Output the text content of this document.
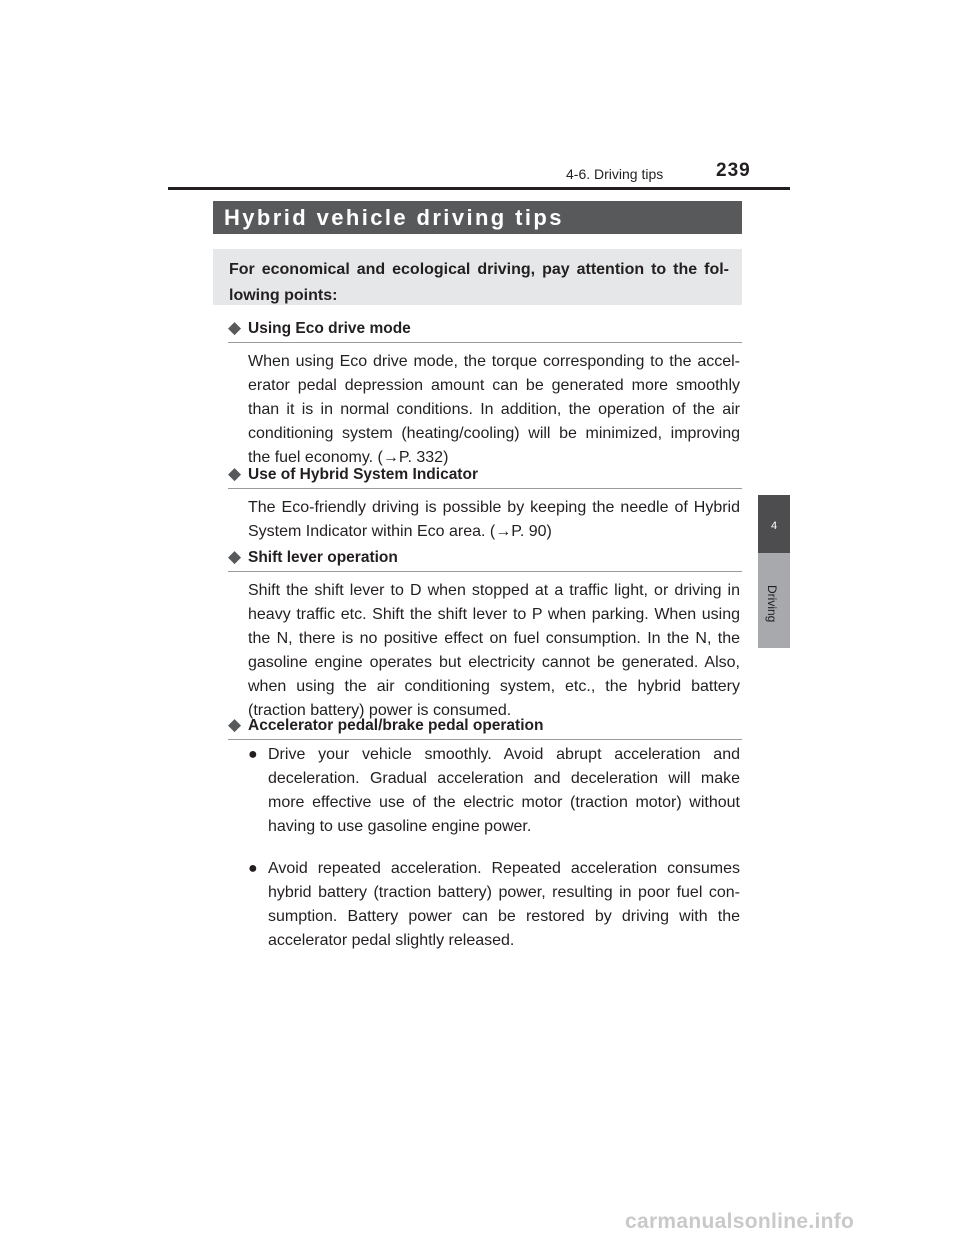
4-6. Driving tips	239
4
Driving
Hybrid vehicle driving tips
For economical and ecological driving, pay attention to the fol-lowing points:
◆ Using Eco drive mode
When using Eco drive mode, the torque corresponding to the accel-erator pedal depression amount can be generated more smoothly than it is in normal conditions. In addition, the operation of the air conditioning system (heating/cooling) will be minimized, improving the fuel economy. (→P. 332)
◆ Use of Hybrid System Indicator
The Eco-friendly driving is possible by keeping the needle of Hybrid System Indicator within Eco area. (→P. 90)
◆ Shift lever operation
Shift the shift lever to D when stopped at a traffic light, or driving in heavy traffic etc. Shift the shift lever to P when parking. When using the N, there is no positive effect on fuel consumption. In the N, the gasoline engine operates but electricity cannot be generated. Also, when using the air conditioning system, etc., the hybrid battery (traction battery) power is consumed.
◆ Accelerator pedal/brake pedal operation
● Drive your vehicle smoothly. Avoid abrupt acceleration and deceleration. Gradual acceleration and deceleration will make more effective use of the electric motor (traction motor) without having to use gasoline engine power.
● Avoid repeated acceleration. Repeated acceleration consumes hybrid battery (traction battery) power, resulting in poor fuel con-sumption. Battery power can be restored by driving with the accelerator pedal slightly released.
carmanualsonline.info
